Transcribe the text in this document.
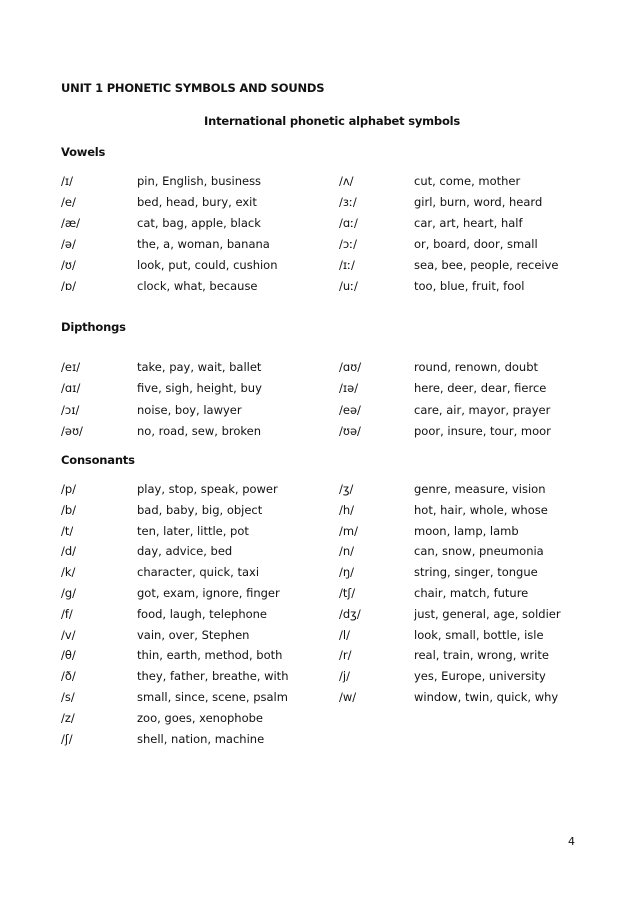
UNIT 1 PHONETIC SYMBOLS AND SOUNDS
International phonetic alphabet symbols
Vowels
/ɪ/	pin, English, business	/ʌ/	cut, come, mother
/e/	bed, head, bury, exit	/ɜː/	girl, burn, word, heard
/æ/	cat, bag, apple, black	/ɑː/	car, art, heart, half
/ə/	the, a, woman, banana	/ɔː/	or, board, door, small
/ʊ/	look, put, could, cushion	/ɪː/	sea, bee, people, receive
/ɒ/	clock, what, because	/uː/	too, blue, fruit, fool
Dipthongs
/eɪ/	take, pay, wait, ballet	/ɑʊ/	round, renown, doubt
/ɑɪ/	five, sigh, height, buy	/ɪə/	here, deer, dear, fierce
/ɔɪ/	noise, boy, lawyer	/eə/	care, air, mayor, prayer
/əʊ/	no, road, sew, broken	/ʊə/	poor, insure, tour, moor
Consonants
/p/	play, stop, speak, power	/ʒ/	genre, measure, vision
/b/	bad, baby, big, object	/h/	hot, hair, whole, whose
/t/	ten, later, little, pot	/m/	moon, lamp, lamb
/d/	day, advice, bed	/n/	can, snow, pneumonia
/k/	character, quick, taxi	/ŋ/	string, singer, tongue
/g/	got, exam, ignore, finger	/tʃ/	chair, match, future
/f/	food, laugh, telephone	/dʒ/	just, general, age, soldier
/v/	vain, over, Stephen	/l/	look, small, bottle, isle
/θ/	thin, earth, method, both	/r/	real, train, wrong, write
/ð/	they, father, breathe, with	/j/	yes, Europe, university
/s/	small, since, scene, psalm	/w/	window, twin, quick, why
/z/	zoo, goes, xenophobe
/ʃ/	shell, nation, machine
4
